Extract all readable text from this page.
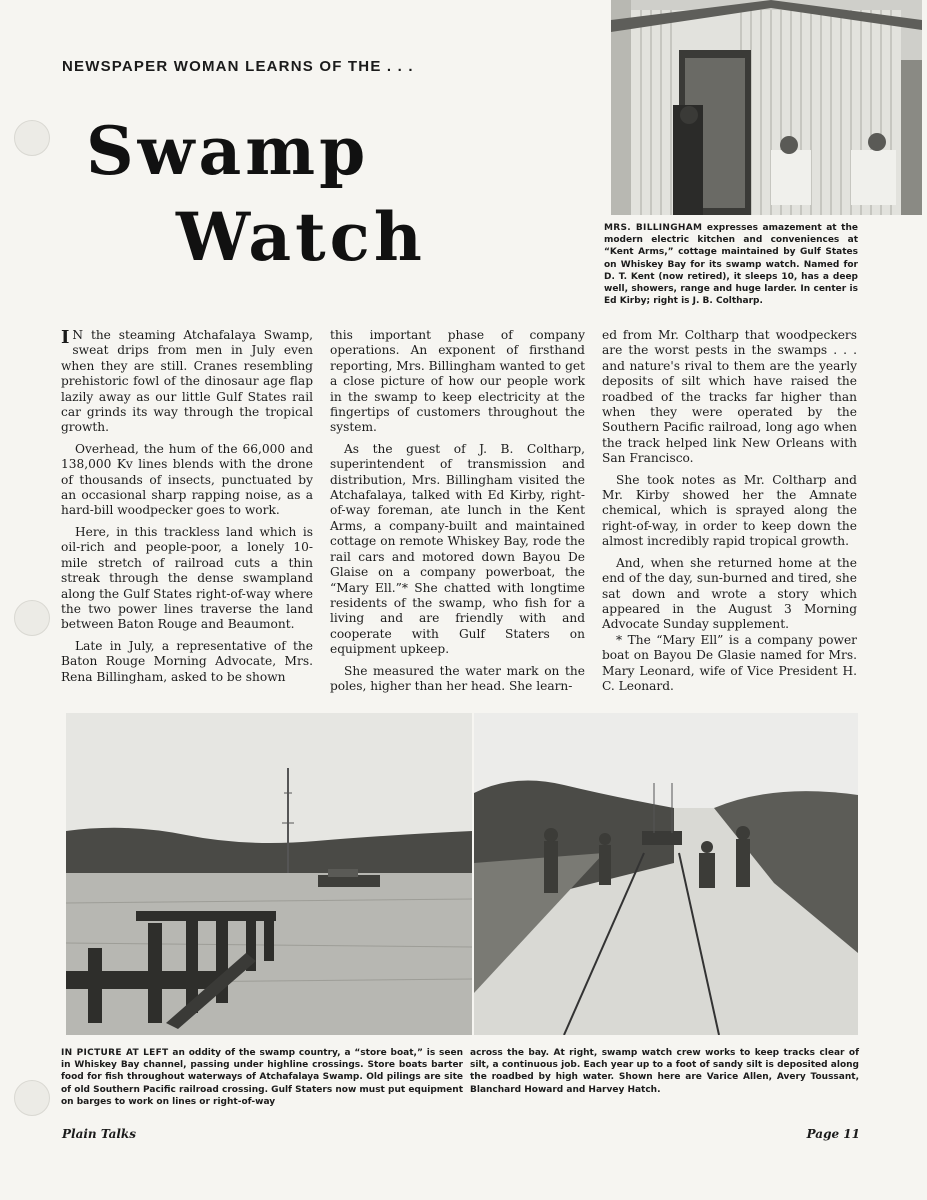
NEWSPAPER WOMAN LEARNS OF THE . . .
Swamp
Watch	MRS. BILLINGHAM expresses amazement at the modern electric kitchen and conveniences at “Kent Arms,” cottage maintained by Gulf States on Whiskey Bay for its swamp watch. Named for D. T. Kent (now retired), it sleeps 10, has a deep well, showers, range and huge larder. In center is Ed Kirby; right is J. B. Coltharp.

I N the steaming Atchafalaya Swamp, sweat drips from men in July even when they are still. Cranes resembling prehistoric fowl of the dinosaur age flap lazily away as our little Gulf States rail car grinds its way through the tropical growth.

Overhead, the hum of the 66,000 and 138,000 Kv lines blends with the drone of thousands of insects, punctuated by an occasional sharp rapping noise, as a hard-bill woodpecker goes to work.

Here, in this trackless land which is oil-rich and people-poor, a lonely 10-mile stretch of railroad cuts a thin streak through the dense swampland along the Gulf States right-of-way where the two power lines traverse the land between Baton Rouge and Beaumont.

Late in July, a representative of the Baton Rouge Morning Advocate, Mrs. Rena Billingham, asked to be shown

this important phase of company operations. An exponent of firsthand reporting, Mrs. Billingham wanted to get a close picture of how our people work in the swamp to keep electricity at the fingertips of customers throughout the system.

As the guest of J. B. Coltharp, superintendent of transmission and distribution, Mrs. Billingham visited the Atchafalaya, talked with Ed Kirby, right-of-way foreman, ate lunch in the Kent Arms, a company-built and maintained cottage on remote Whiskey Bay, rode the rail cars and motored down Bayou De Glaise on a company powerboat, the “Mary Ell.”* She chatted with longtime residents of the swamp, who fish for a living and are friendly with and cooperate with Gulf Staters on equipment upkeep.

She measured the water mark on the poles, higher than her head. She learn-

ed from Mr. Coltharp that woodpeckers are the worst pests in the swamps . . . and nature's rival to them are the yearly deposits of silt which have raised the roadbed of the tracks far higher than when they were operated by the Southern Pacific railroad, long ago when the track helped link New Orleans with San Francisco.

She took notes as Mr. Coltharp and Mr. Kirby showed her the Amnate chemical, which is sprayed along the right-of-way, in order to keep down the almost incredibly rapid tropical growth.

And, when she returned home at the end of the day, sun-burned and tired, she sat down and wrote a story which appeared in the August 3 Morning Advocate Sunday supplement.

* The “Mary Ell” is a company power boat on Bayou De Glasie named for Mrs. Mary Leonard, wife of Vice President H. C. Leonard.

IN PICTURE AT LEFT an oddity of the swamp country, a “store boat,” is seen in Whiskey Bay channel, passing under highline crossings. Store boats barter food for fish throughout waterways of Atchafalaya Swamp. Old pilings are site of old Southern Pacific railroad crossing. Gulf Staters now must put equipment on barges to work on lines or right-of-way
across the bay. At right, swamp watch crew works to keep tracks clear of silt, a continuous job. Each year up to a foot of sandy silt is deposited along the roadbed by high water. Shown here are Varice Allen, Avery Toussant, Blanchard Howard and Harvey Hatch.
Plain Talks	Page 11
